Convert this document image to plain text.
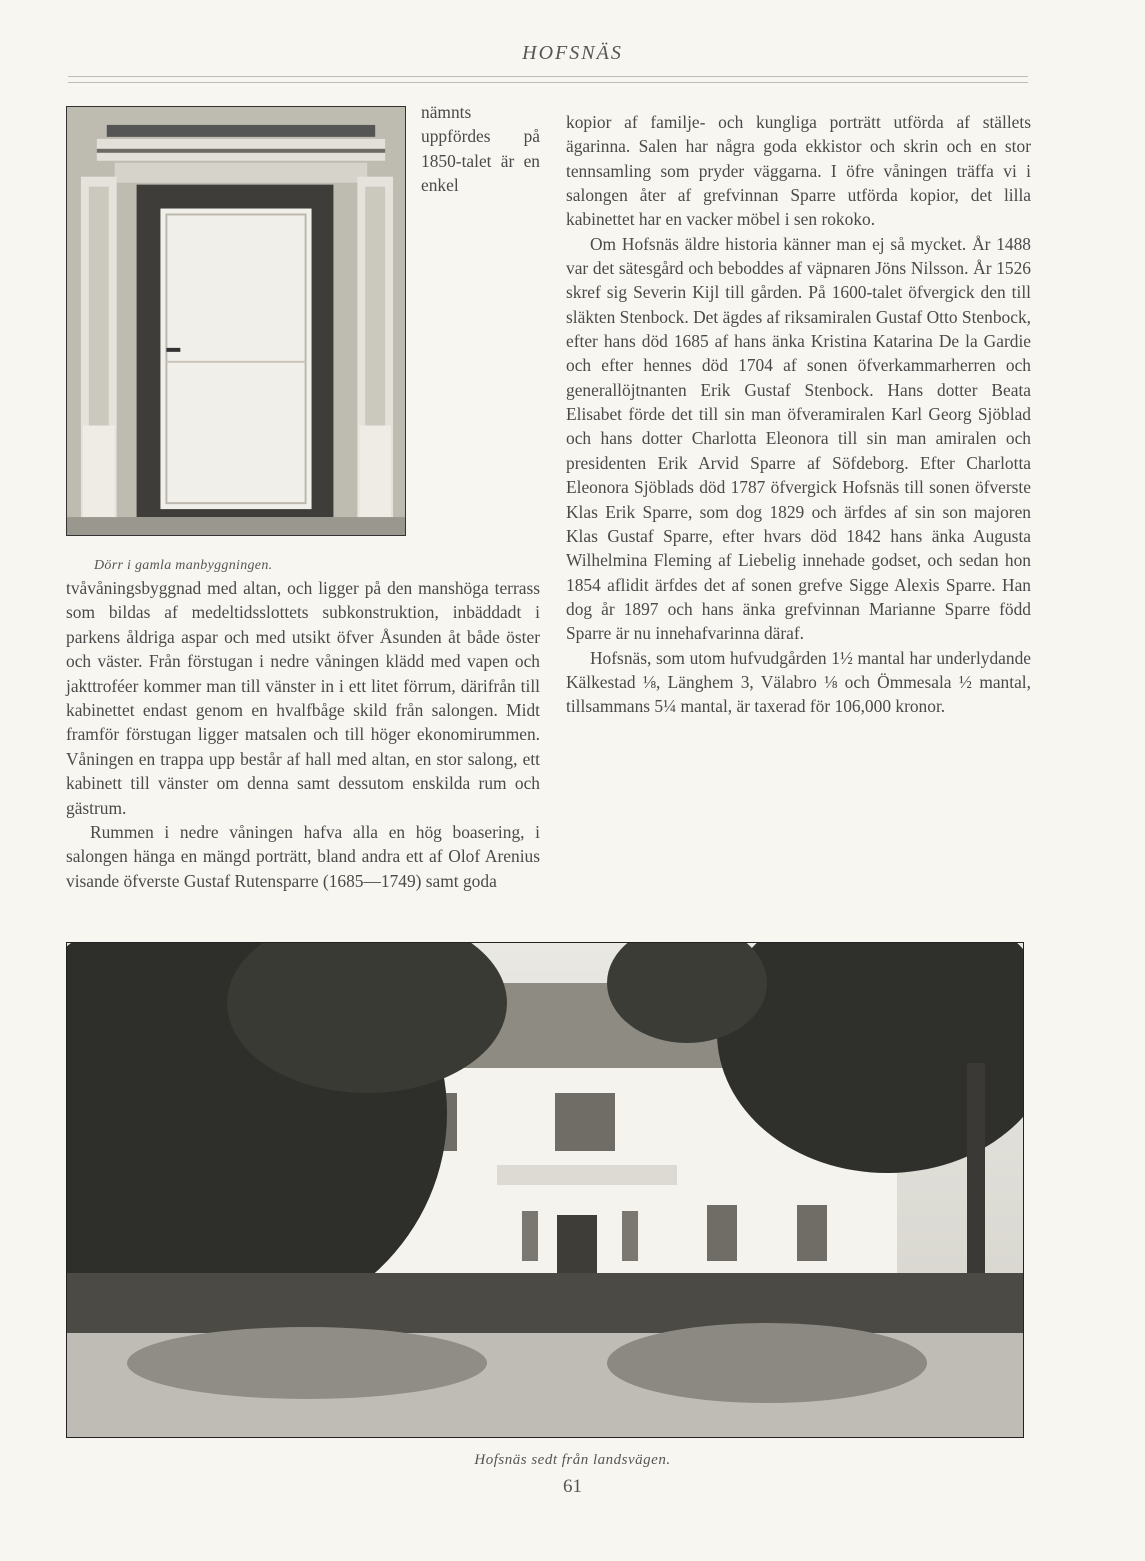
HOFSNÄS
Dörr i gamla manbyggningen.

nämnts uppfördes på 1850-talet är en enkel tvåvåningsbyggnad med altan, och ligger på den manshöga terrass som bildas af medeltidsslottets subkonstruktion, inbäddadt i parkens åldriga aspar och med utsikt öfver Åsunden åt både öster och väster. Från förstugan i nedre våningen klädd med vapen och jakttroféer kommer man till vänster in i ett litet förrum, därifrån till kabinettet endast genom en hvalfbåge skild från salongen. Midt framför förstugan ligger matsalen och till höger ekonomirummen. Våningen en trappa upp består af hall med altan, en stor salong, ett kabinett till vänster om denna samt dessutom enskilda rum och gästrum.

Rummen i nedre våningen hafva alla en hög boasering, i salongen hänga en mängd porträtt, bland andra ett af Olof Arenius visande öfverste Gustaf Rutensparre (1685—1749) samt goda

kopior af familje- och kungliga porträtt utförda af ställets ägarinna. Salen har några goda ekkistor och skrin och en stor tennsamling som pryder väggarna. I öfre våningen träffa vi i salongen åter af grefvinnan Sparre utförda kopior, det lilla kabinettet har en vacker möbel i sen rokoko.

Om Hofsnäs äldre historia känner man ej så mycket. År 1488 var det sätesgård och beboddes af väpnaren Jöns Nilsson. År 1526 skref sig Severin Kijl till gården. På 1600-talet öfvergick den till släkten Stenbock. Det ägdes af riksamiralen Gustaf Otto Stenbock, efter hans död 1685 af hans änka Kristina Katarina De la Gardie och efter hennes död 1704 af sonen öfverkammarherren och generallöjtnanten Erik Gustaf Stenbock. Hans dotter Beata Elisabet förde det till sin man öfveramiralen Karl Georg Sjöblad och hans dotter Charlotta Eleonora till sin man amiralen och presidenten Erik Arvid Sparre af Söfdeborg. Efter Charlotta Eleonora Sjöblads död 1787 öfvergick Hofsnäs till sonen öfverste Klas Erik Sparre, som dog 1829 och ärfdes af sin son majoren Klas Gustaf Sparre, efter hvars död 1842 hans änka Augusta Wilhelmina Fleming af Liebelig innehade godset, och sedan hon 1854 aflidit ärfdes det af sonen grefve Sigge Alexis Sparre. Han dog år 1897 och hans änka grefvinnan Marianne Sparre född Sparre är nu innehafvarinna däraf.

Hofsnäs, som utom hufvudgården 1½ mantal har underlydande Kälkestad ⅛, Länghem 3, Välabro ⅛ och Ömmesala ½ mantal, tillsammans 5¼ mantal, är taxerad för 106,000 kronor.

Hofsnäs sedt från landsvägen.
61
